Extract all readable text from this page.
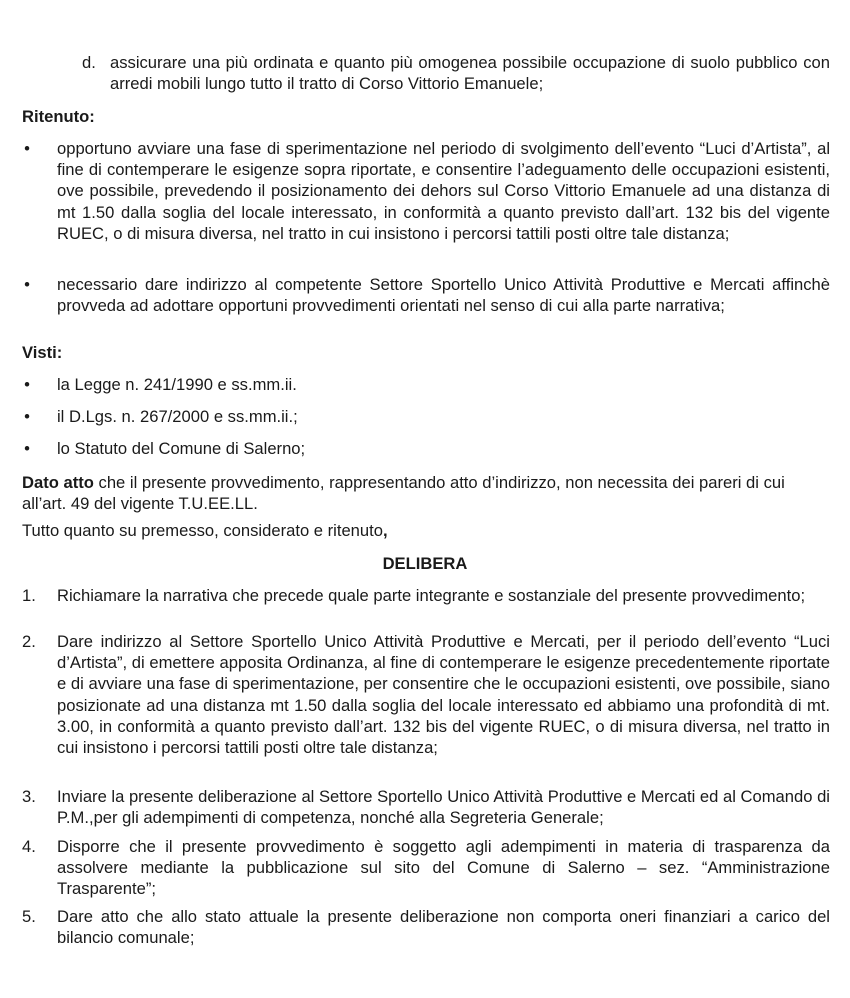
d. assicurare una più ordinata e quanto più omogenea possibile occupazione di suolo pubblico con arredi mobili lungo tutto il tratto di Corso Vittorio Emanuele;

Ritenuto:
• opportuno avviare una fase di sperimentazione nel periodo di svolgimento dell’evento “Luci d’Artista”, al fine di contemperare le esigenze sopra riportate, e consentire l’adeguamento delle occupazioni esistenti, ove possibile, prevedendo il posizionamento dei dehors sul Corso Vittorio Emanuele ad una distanza di mt 1.50 dalla soglia del locale interessato, in conformità a quanto previsto dall’art. 132 bis del vigente RUEC, o di misura diversa, nel tratto in cui insistono i percorsi tattili posti oltre tale distanza;

• necessario dare indirizzo al competente Settore Sportello Unico Attività Produttive e Mercati affinchè provveda ad adottare opportuni provvedimenti orientati nel senso di cui alla parte narrativa;

Visti:
• la Legge n. 241/1990 e ss.mm.ii.

• il D.Lgs. n. 267/2000 e ss.mm.ii.;

• lo Statuto del Comune di Salerno;

Dato atto che il presente provvedimento, rappresentando atto d’indirizzo, non necessita dei pareri di cui all’art. 49 del vigente T.U.EE.LL.

Tutto quanto su premesso, considerato e ritenuto,

DELIBERA
1. Richiamare la narrativa che precede quale parte integrante e sostanziale del presente provvedimento;

2. Dare indirizzo al Settore Sportello Unico Attività Produttive e Mercati, per il periodo dell’evento “Luci d’Artista”, di emettere apposita Ordinanza, al fine di contemperare le esigenze precedentemente riportate e di avviare una fase di sperimentazione, per consentire che le occupazioni esistenti, ove possibile, siano posizionate ad una distanza mt 1.50 dalla soglia del locale interessato ed abbiamo una profondità di mt. 3.00, in conformità a quanto previsto dall’art. 132 bis del vigente RUEC, o di misura diversa, nel tratto in cui insistono i percorsi tattili posti oltre tale distanza;

3. Inviare la presente deliberazione al Settore Sportello Unico Attività Produttive e Mercati ed al Comando di P.M.,per gli adempimenti di competenza, nonché alla Segreteria Generale;

4. Disporre che il presente provvedimento è soggetto agli adempimenti in materia di trasparenza da assolvere mediante la pubblicazione sul sito del Comune di Salerno – sez. “Amministrazione Trasparente”;

5. Dare atto che allo stato attuale la presente deliberazione non comporta oneri finanziari a carico del bilancio comunale;
